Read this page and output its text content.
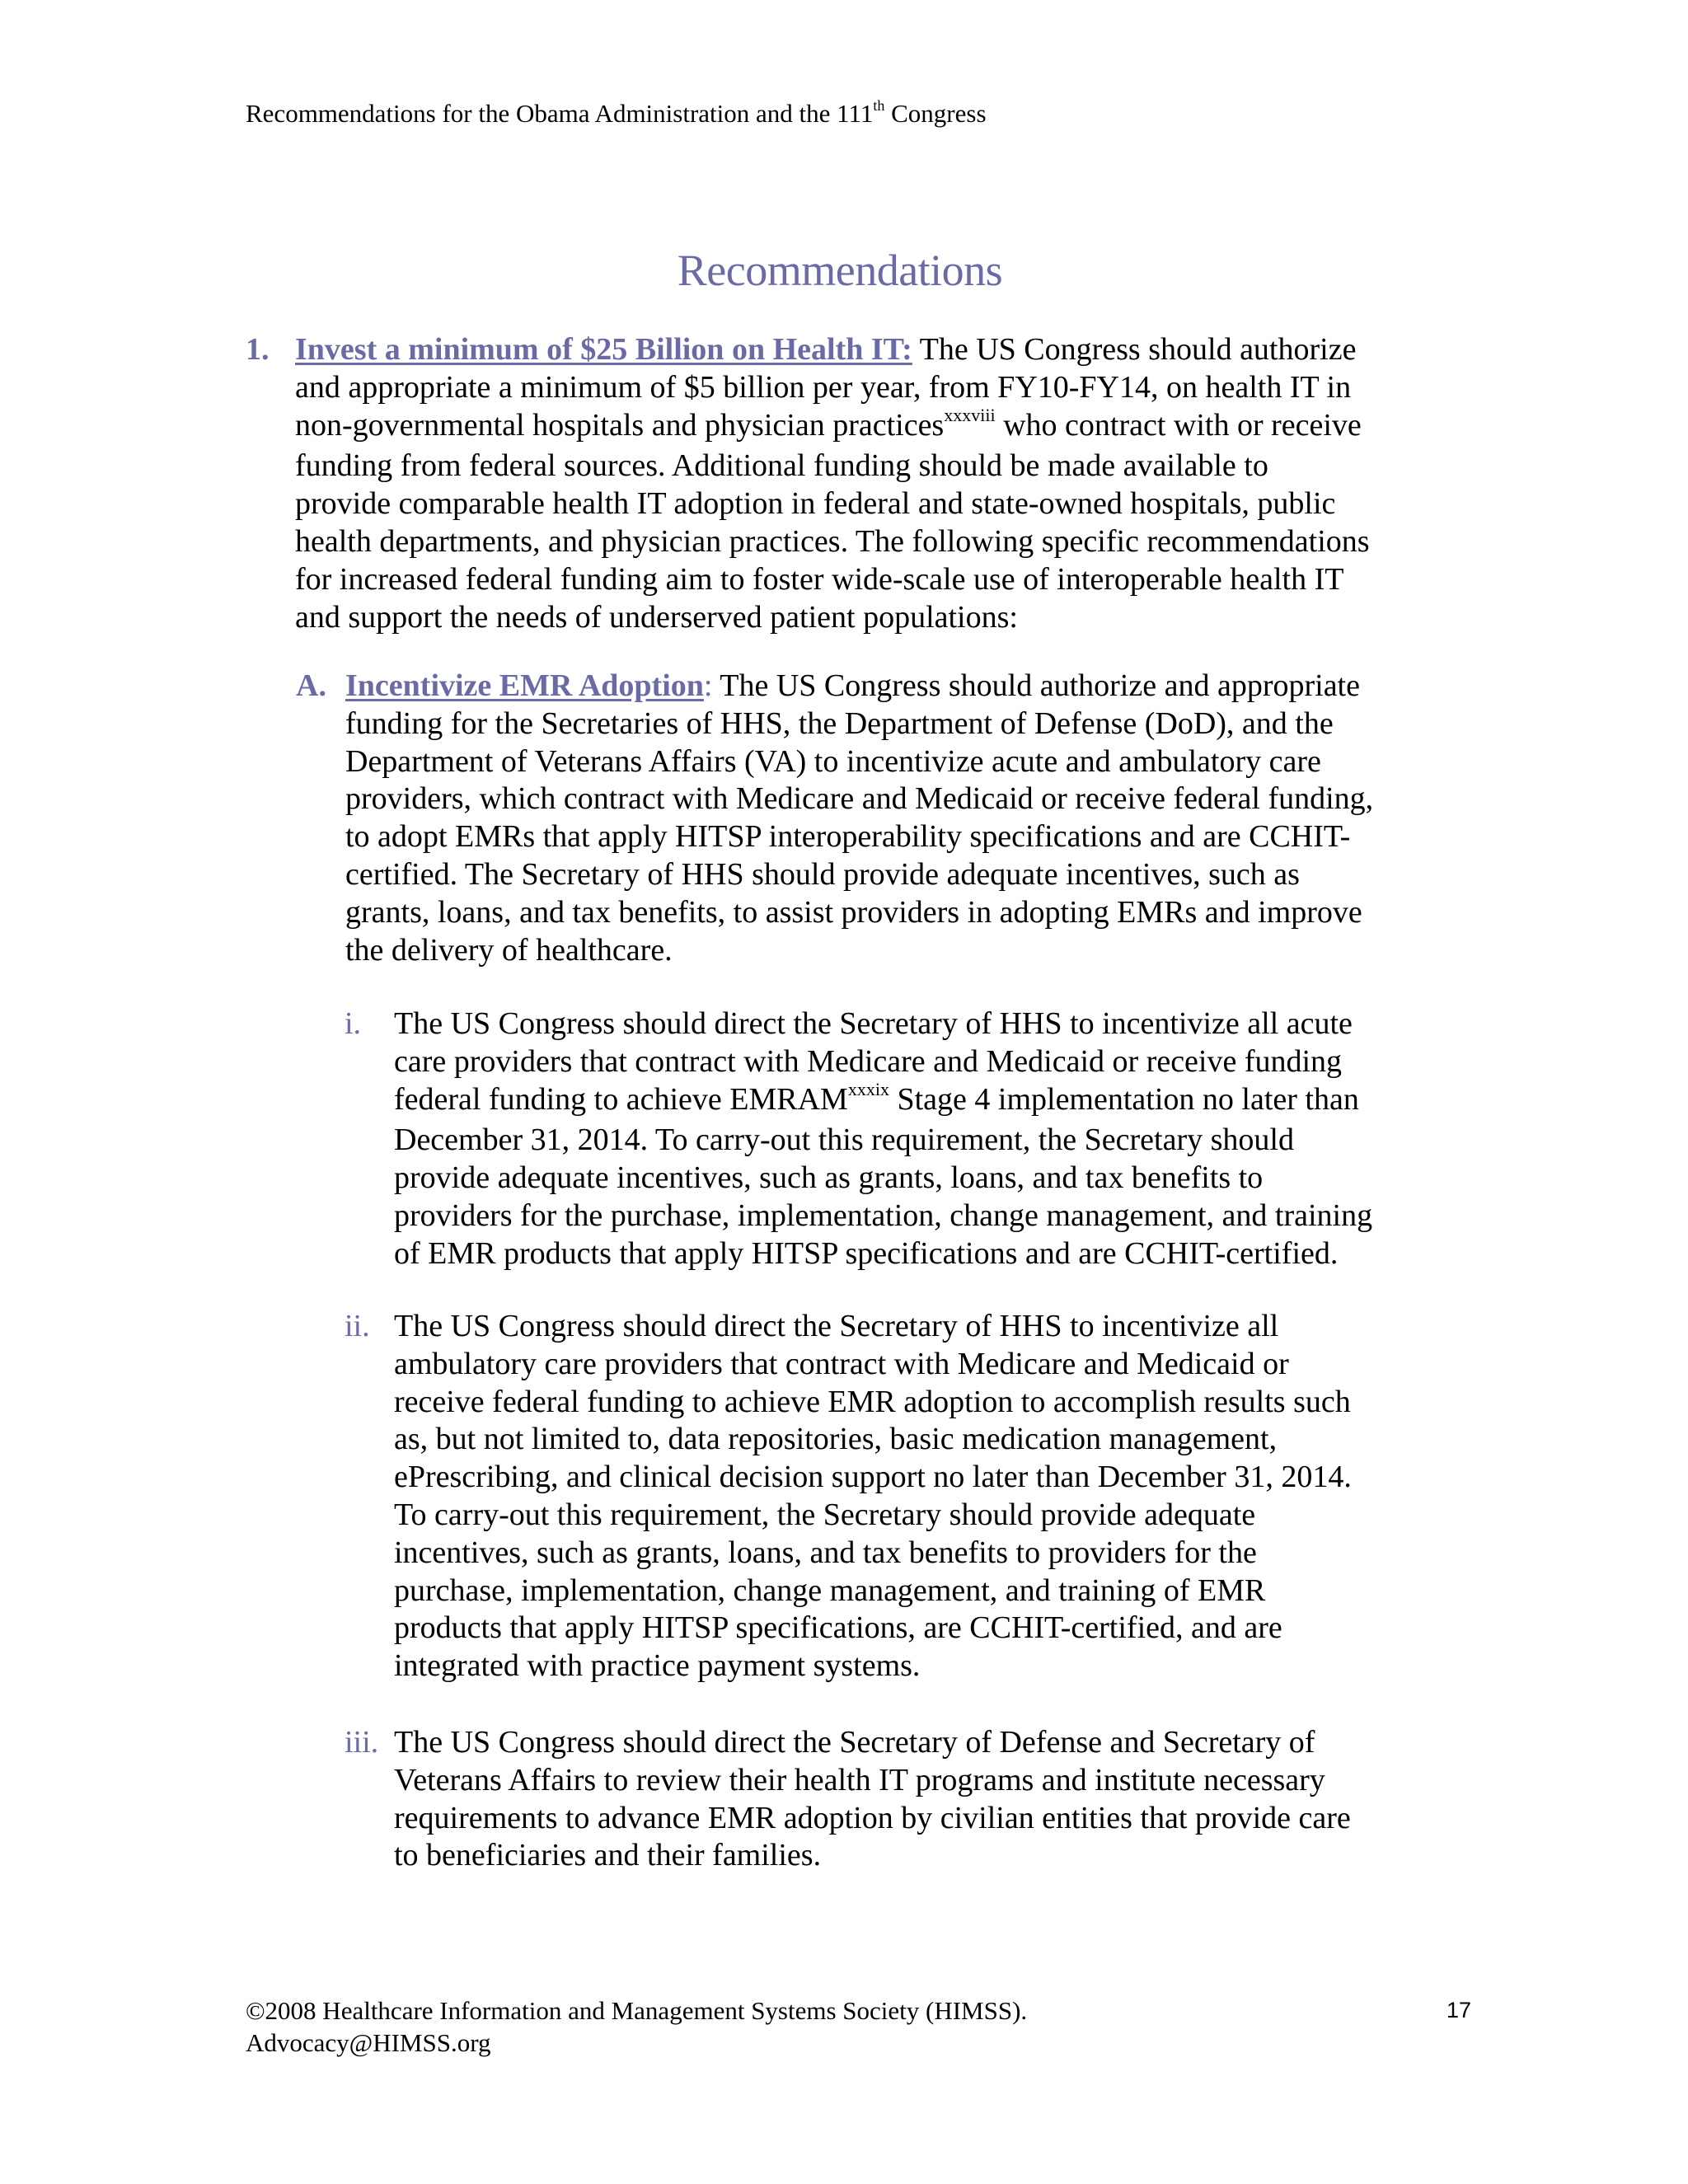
Recommendations for the Obama Administration and the 111th Congress
Recommendations
1. Invest a minimum of $25 Billion on Health IT: The US Congress should authorize
and appropriate a minimum of $5 billion per year, from FY10-FY14, on health IT in
non-governmental hospitals and physician practices$^{xxxviii}$ who contract with or receive
funding from federal sources. Additional funding should be made available to
provide comparable health IT adoption in federal and state-owned hospitals, public
health departments, and physician practices. The following specific recommendations
for increased federal funding aim to foster wide-scale use of interoperable health IT
and support the needs of underserved patient populations:
A. Incentivize EMR Adoption: The US Congress should authorize and appropriate
funding for the Secretaries of HHS, the Department of Defense (DoD), and the
Department of Veterans Affairs (VA) to incentivize acute and ambulatory care
providers, which contract with Medicare and Medicaid or receive federal funding,
to adopt EMRs that apply HITSP interoperability specifications and are CCHIT-
certified. The Secretary of HHS should provide adequate incentives, such as
grants, loans, and tax benefits, to assist providers in adopting EMRs and improve
the delivery of healthcare.
i. The US Congress should direct the Secretary of HHS to incentivize all acute
care providers that contract with Medicare and Medicaid or receive funding
federal funding to achieve EMRAM$^{xxxix}$ Stage 4 implementation no later than
December 31, 2014. To carry-out this requirement, the Secretary should
provide adequate incentives, such as grants, loans, and tax benefits to
providers for the purchase, implementation, change management, and training
of EMR products that apply HITSP specifications and are CCHIT-certified.
ii. The US Congress should direct the Secretary of HHS to incentivize all
ambulatory care providers that contract with Medicare and Medicaid or
receive federal funding to achieve EMR adoption to accomplish results such
as, but not limited to, data repositories, basic medication management,
ePrescribing, and clinical decision support no later than December 31, 2014.
To carry-out this requirement, the Secretary should provide adequate
incentives, such as grants, loans, and tax benefits to providers for the
purchase, implementation, change management, and training of EMR
products that apply HITSP specifications, are CCHIT-certified, and are
integrated with practice payment systems.
iii. The US Congress should direct the Secretary of Defense and Secretary of
Veterans Affairs to review their health IT programs and institute necessary
requirements to advance EMR adoption by civilian entities that provide care
to beneficiaries and their families.
©2008 Healthcare Information and Management Systems Society (HIMSS).
Advocacy@HIMSS.org
17
